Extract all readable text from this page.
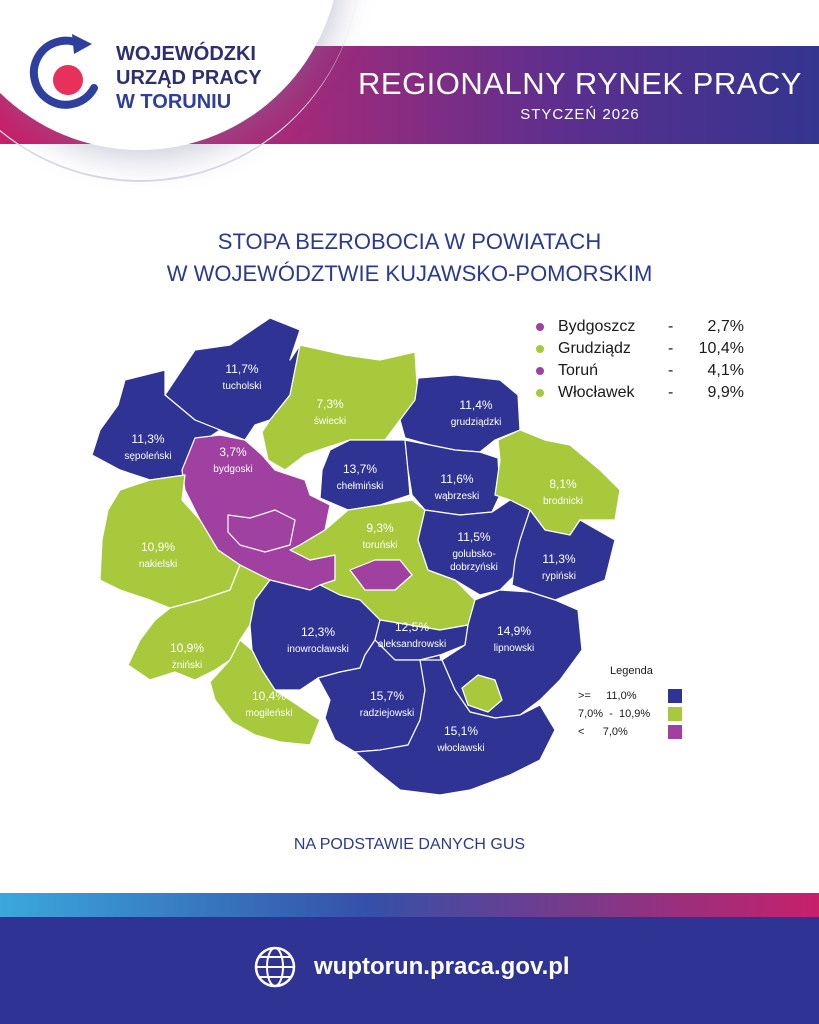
REGIONALNY RYNEK PRACY
STYCZEŃ 2026
WOJEWÓDZKI
URZĄD PRACY
W TORUNIU
STOPA BEZROBOCIA W POWIATACH
W WOJEWÓDZTWIE KUJAWSKO-POMORSKIM
11,7%
tucholski
7,3%
świecki
11,3%
sępoleński
11,4%
grudziądzki
3,7%
bydgoski	13,7%
chełmiński
11,6%
wąbrzeski
8,1%
brodnicki
10,9%
nakielski
9,3%
toruński
11,5%
golubsko-
dobrzyński
11,3%
rypiński
10,9%
żniński
12,3%
inowrocławski
12,5%
aleksandrowski
14,9%
lipnowski
10,4%
mogileński
15,7%
radziejowski
15,1%
włocławski
Bydgoszcz	-	2,7%
Grudziądz	-	10,4%
Toruń	-	4,1%
Włocławek	-	9,9%
Legenda
>=     11,0%
7,0%  -  10,9%
<      7,0%
NA PODSTAWIE DANYCH GUS
wuptorun.praca.gov.pl
